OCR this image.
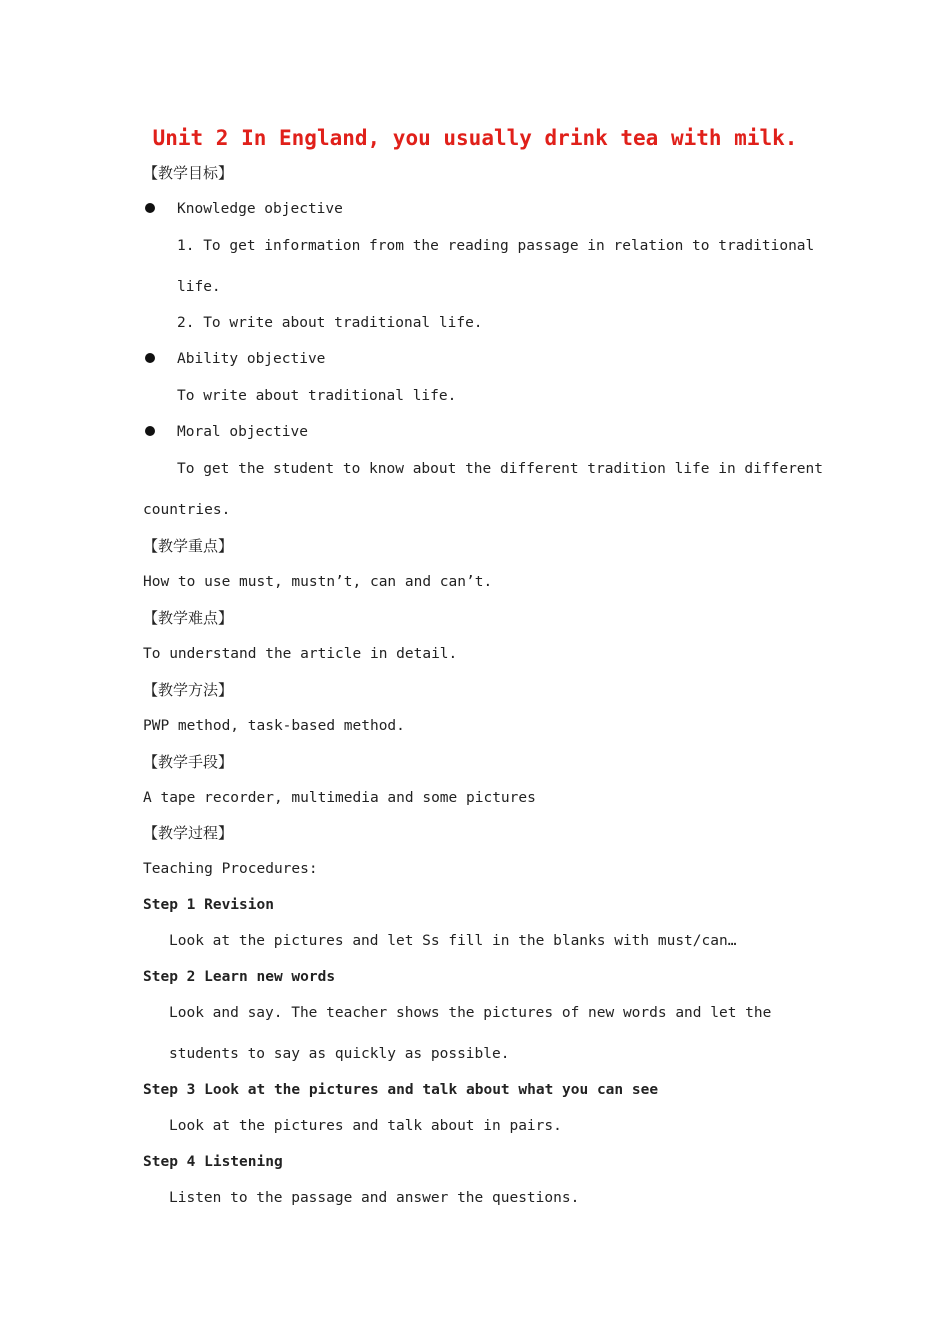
Unit 2 In England, you usually drink tea with milk.
【教学目标】
Knowledge objective
1. To get information from the reading passage in relation to traditional
life.
2. To write about traditional life.
Ability objective
To write about traditional life.
Moral objective
To get the student to know about the different tradition life in different
countries.
【教学重点】
How to use must, mustn’t, can and can’t.
【教学难点】
To understand the article in detail.
【教学方法】
PWP method, task-based method.
【教学手段】
A tape recorder, multimedia and some pictures
【教学过程】
Teaching Procedures:
Step 1 Revision
Look at the pictures and let Ss fill in the blanks with must/can…
Step 2 Learn new words
Look and say. The teacher shows the pictures of new words and let the
students to say as quickly as possible.
Step 3 Look at the pictures and talk about what you can see
Look at the pictures and talk about in pairs.
Step 4 Listening
Listen to the passage and answer the questions.
